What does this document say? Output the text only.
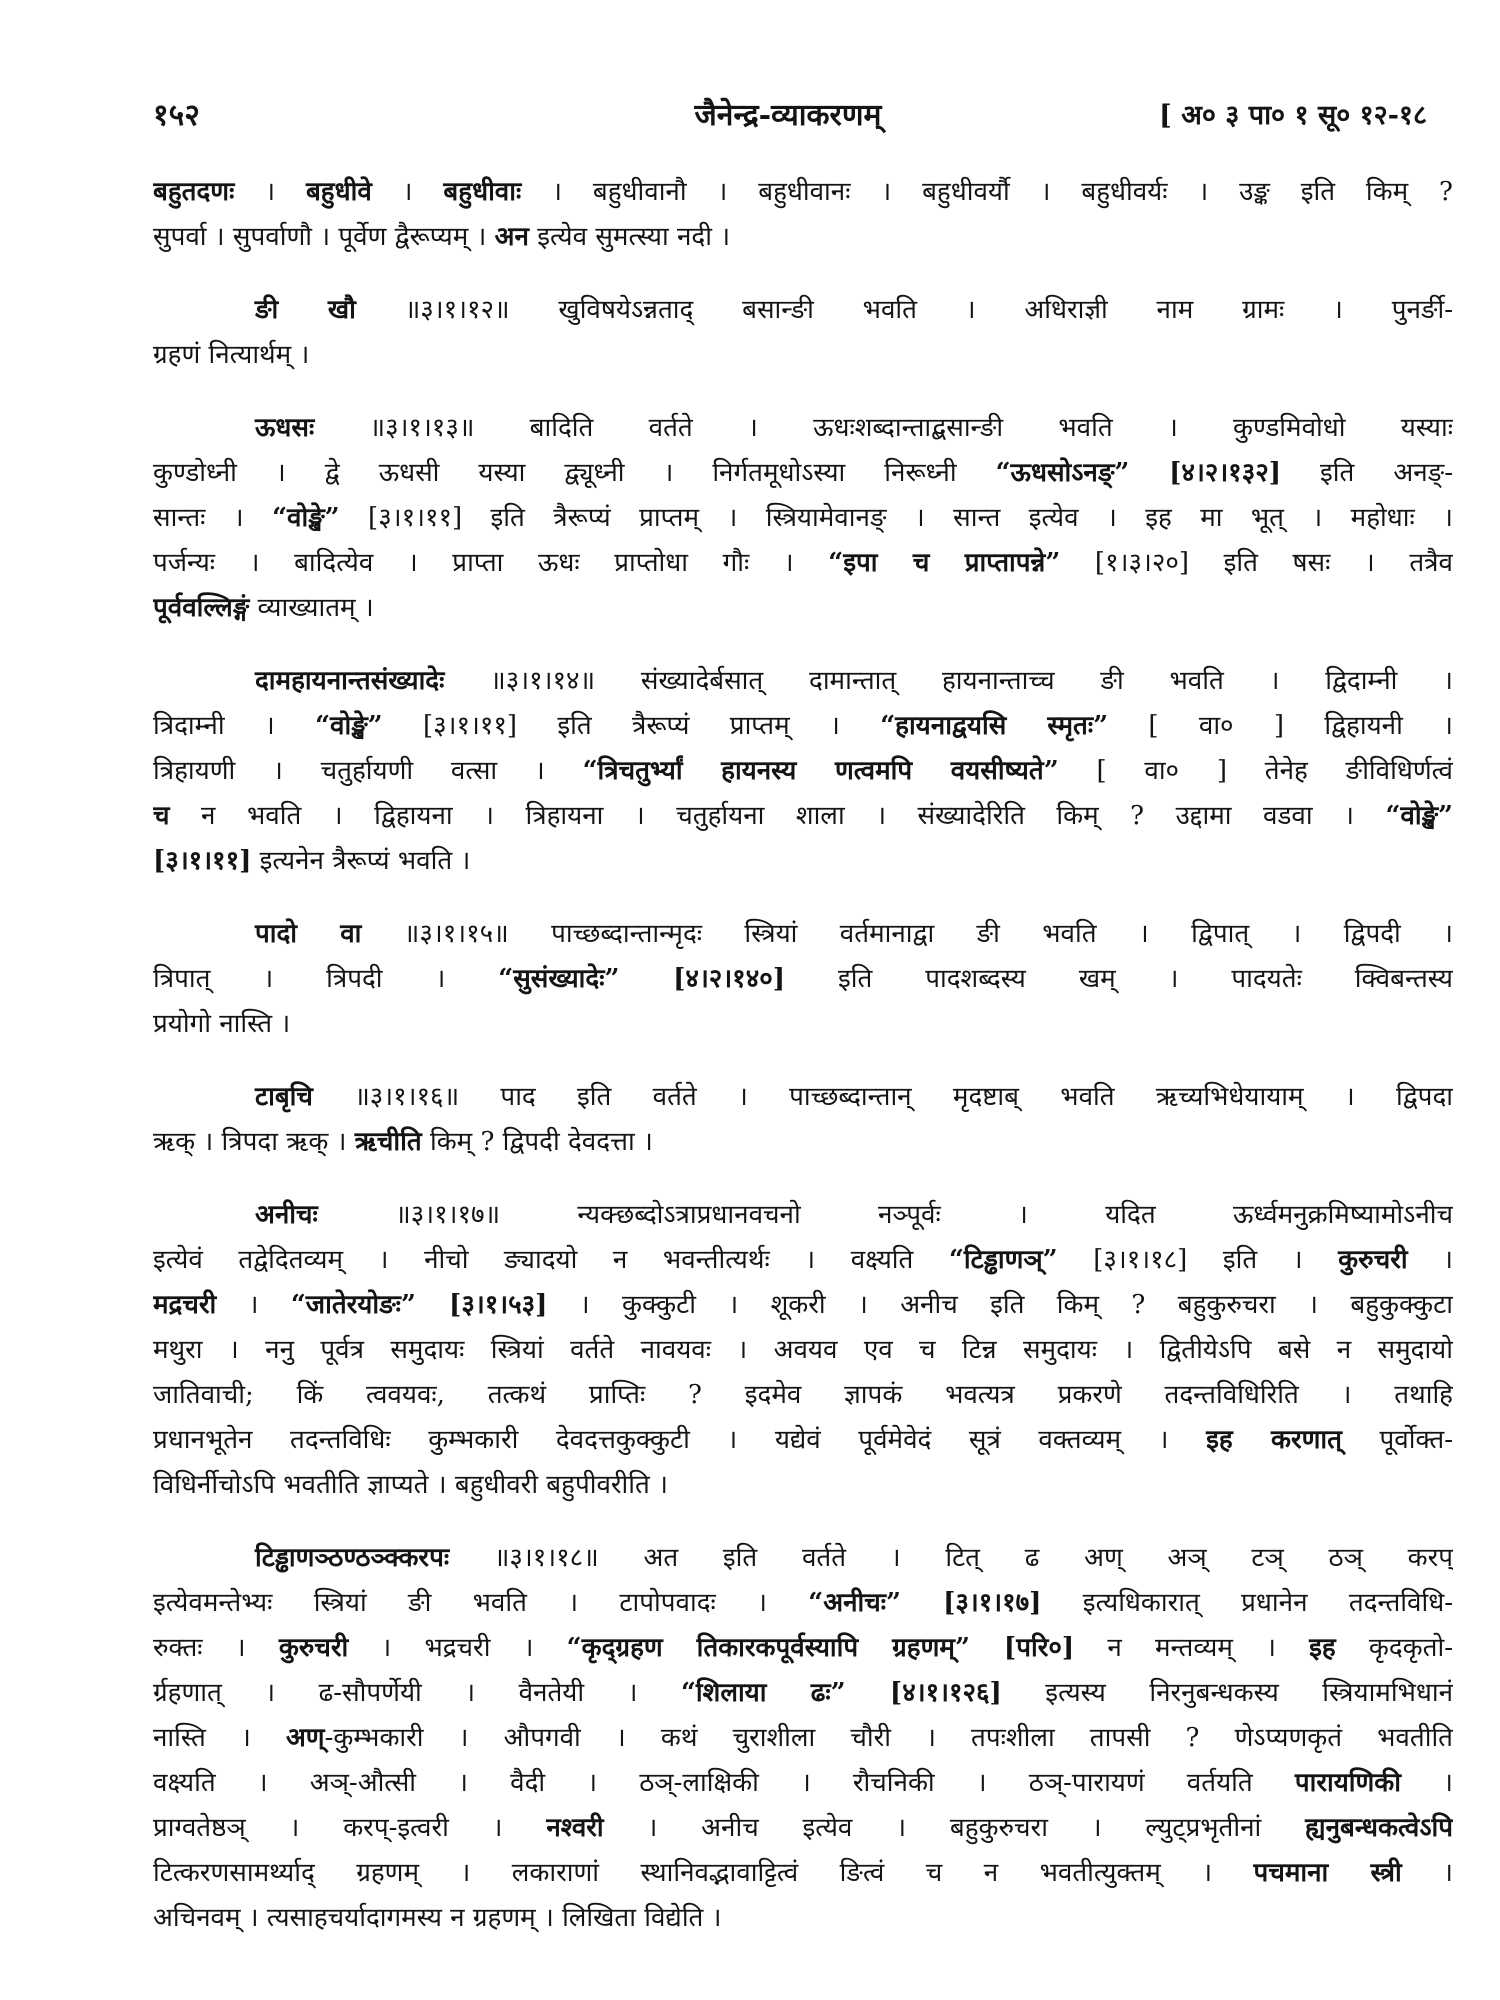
१५२	जैनेन्द्र-व्याकरणम्	[ अ० ३ पा० १ सू० १२-१८
बहुतदणः । बहुधीवे । बहुधीवाः । बहुधीवानौ । बहुधीवानः । बहुधीवर्यौ । बहुधीवर्यः । उङ्क इति किम् ?
सुपर्वा । सुपर्वाणौ । पूर्वेण द्वैरूप्यम् । अन इत्येव सुमत्स्या नदी ।
ङी खौ ॥३।१।१२॥ खुविषयेऽन्नताद् बसान्ङी भवति । अधिराज्ञी नाम ग्रामः । पुनर्ङी-
ग्रहणं नित्यार्थम् ।
ऊधसः ॥३।१।१३॥ बादिति वर्तते । ऊधःशब्दान्ताद्बसान्ङी भवति । कुण्डमिवोधो यस्याः
कुण्डोध्नी । द्वे ऊधसी यस्या द्व्यूध्नी । निर्गतमूधोऽस्या निरूध्नी “ऊधसोऽनङ्” [४।२।१३२] इति अनङ्-
सान्तः । “वोङ्खे” [३।१।११] इति त्रैरूप्यं प्राप्तम् । स्त्रियामेवानङ् । सान्त इत्येव । इह मा भूत् । महोधाः ।
पर्जन्यः । बादित्येव । प्राप्ता ऊधः प्राप्तोधा गौः । “इपा च प्राप्तापन्ने” [१।३।२०] इति षसः । तत्रैव
पूर्ववल्लिङ्गं व्याख्यातम् ।
दामहायनान्तसंख्यादेः ॥३।१।१४॥ संख्यादेर्बसात् दामान्तात् हायनान्ताच्च ङी भवति । द्विदाम्नी ।
त्रिदाम्नी । “वोङ्खे” [३।१।११] इति त्रैरूप्यं प्राप्तम् । “हायनाद्वयसि स्मृतः” [ वा० ] द्विहायनी ।
त्रिहायणी । चतुर्हायणी वत्सा । “त्रिचतुर्भ्यां हायनस्य णत्वमपि वयसीष्यते” [ वा० ] तेनेह ङीविधिर्णत्वं
च न भवति । द्विहायना । त्रिहायना । चतुर्हायना शाला । संख्यादेरिति किम् ? उद्दामा वडवा । “वोङ्खे”
[३।१।११] इत्यनेन त्रैरूप्यं भवति ।
पादो वा ॥३।१।१५॥ पाच्छब्दान्तान्मृदः स्त्रियां वर्तमानाद्वा ङी भवति । द्विपात् । द्विपदी ।
त्रिपात् । त्रिपदी । “सुसंख्यादेः” [४।२।१४०] इति पादशब्दस्य खम् । पादयतेः क्विबन्तस्य
प्रयोगो नास्ति ।
टाबृचि ॥३।१।१६॥ पाद इति वर्तते । पाच्छब्दान्तान् मृदष्टाब् भवति ऋच्यभिधेयायाम् । द्विपदा
ऋक् । त्रिपदा ऋक् । ऋचीति किम् ? द्विपदी देवदत्ता ।
अनीचः ॥३।१।१७॥ न्यक्छब्दोऽत्राप्रधानवचनो नञ्पूर्वः । यदित ऊर्ध्वमनुक्रमिष्यामोऽनीच
इत्येवं तद्वेदितव्यम् । नीचो ङ्यादयो न भवन्तीत्यर्थः । वक्ष्यति “टिड्ढाणञ्” [३।१।१८] इति । कुरुचरी ।
मद्रचरी । “जातेरयोङः” [३।१।५३] । कुक्कुटी । शूकरी । अनीच इति किम् ? बहुकुरुचरा । बहुकुक्कुटा
मथुरा । ननु पूर्वत्र समुदायः स्त्रियां वर्तते नावयवः । अवयव एव च टिन्न समुदायः । द्वितीयेऽपि बसे न समुदायो
जातिवाची; किं त्ववयवः, तत्कथं प्राप्तिः ? इदमेव ज्ञापकं भवत्यत्र प्रकरणे तदन्तविधिरिति । तथाहि
प्रधानभूतेन तदन्तविधिः कुम्भकारी देवदत्तकुक्कुटी । यद्येवं पूर्वमेवेदं सूत्रं वक्तव्यम् । इह करणात् पूर्वोक्त-
विधिर्नीचोऽपि भवतीति ज्ञाप्यते । बहुधीवरी बहुपीवरीति ।
टिड्ढाणञ्ठण्ठञ्क्करपः ॥३।१।१८॥ अत इति वर्तते । टित् ढ अण् अञ् टञ् ठञ् करप्
इत्येवमन्तेभ्यः स्त्रियां ङी भवति । टापोपवादः । “अनीचः” [३।१।१७] इत्यधिकारात् प्रधानेन तदन्तविधि-
रुक्तः । कुरुचरी । भद्रचरी । “कृद्ग्रहण तिकारकपूर्वस्यापि ग्रहणम्” [परि०] न मन्तव्यम् । इह कृदकृतो-
र्ग्रहणात् । ढ-सौपर्णेयी । वैनतेयी । “शिलाया ढः” [४।१।१२६] इत्यस्य निरनुबन्धकस्य स्त्रियामभिधानं
नास्ति । अण्-कुम्भकारी । औपगवी । कथं चुराशीला चौरी । तपःशीला तापसी ? णेऽप्यणकृतं भवतीति
वक्ष्यति । अञ्-औत्सी । वैदी । ठञ्-लाक्षिकी । रौचनिकी । ठञ्-पारायणं वर्तयति पारायणिकी ।
प्राग्वतेष्ठञ् । करप्-इत्वरी । नश्वरी । अनीच इत्येव । बहुकुरुचरा । ल्युट्प्रभृतीनां ह्यनुबन्धकत्वेऽपि
टित्करणसामर्थ्याद् ग्रहणम् । लकाराणां स्थानिवद्भावाट्टित्वं ङित्वं च न भवतीत्युक्तम् । पचमाना स्त्री ।
अचिनवम् । त्यसाहचर्यादागमस्य न ग्रहणम् । लिखिता विद्येति ।
